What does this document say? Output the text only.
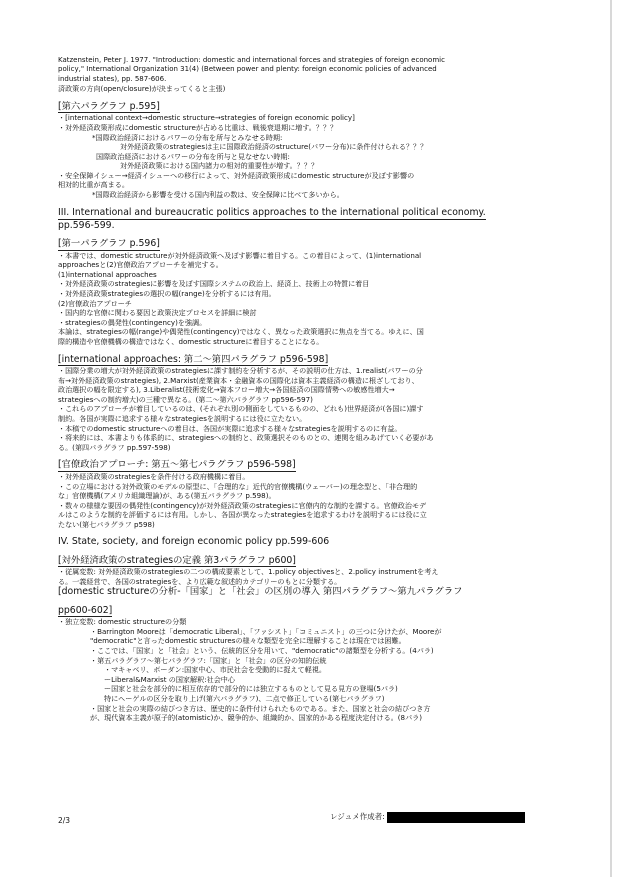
Katzenstein, Peter J. 1977. "Introduction: domestic and international forces and strategies of foreign economic
policy," International Organization 31(4) (Between power and plenty: foreign economic policies of advanced
industrial states), pp. 587-606.
済政策の方向(open/closure)が決まってくると主張)
[第六パラグラフ p.595]
・[international context→domestic structure→strategies of foreign economic policy]
・対外経済政策形成にdomestic structureが占める比重は、戦後衰退期に増す。？？？
*国際政治経済におけるパワーの分布を所与とみなせる時期:
対外経済政策のstrategiesは主に国際政治経済のstructure(パワー分布)に条件付けられる？？？
国際政治経済におけるパワーの分布を所与と見なせない時期:
対外経済政策における国内諸力の相対的重要性が増す。？？？
・安全保障イシュー→経済イシューへの移行によって、対外経済政策形成にdomestic structureが及ぼす影響の
相対的比重が高まる。
*国際政治経済から影響を受ける国内利益の数は、安全保障に比べて多いから。
III. International and bureaucratic politics approaches to the international political economy.
pp.596-599.
[第一パラグラフ p.596]
・本書では、domestic structureが対外経済政策へ及ぼす影響に着目する。この着目によって、(1)international
approachesと(2)官僚政治アプローチを補完する。
(1)international approaches
・対外経済政策のstrategiesに影響を及ぼす国際システムの政治上、経済上、技術上の特質に着目
・対外経済政策strategiesの選択の幅(range)を分析するには有用。
(2)官僚政治アプローチ
・国内的な官僚に関わる要因と政策決定プロセスを詳細に検討
・strategiesの偶発性(contingency)を強調。
本論は、strategiesの幅(range)や偶発性(contingency)ではなく、異なった政策選択に焦点を当てる。ゆえに、国
際的構造や官僚機構の構造ではなく、domestic structureに着目することになる。
[international approaches: 第二～第四パラグラフ p596-598]
・国際分業の増大が対外経済政策のstrategiesに課す制約を分析するが、その説明の仕方は、1.realist(パワーの分
布→対外経済政策のstrategies), 2.Marxist(産業資本・金融資本の国際化は資本主義経済の構造に根ざしており、
政治選択の幅を限定する), 3.Liberalist(技術変化→資本フロー増大→各国経済の国際情勢への敏感性増大→
strategiesへの制約増大)の三種で異なる。(第二～第六パラグラフ pp596-597)
・これらのアプローチが着目しているのは、(それぞれ別の側面をしているものの、どれも)世界経済が(各国に)課す
制約。各国が実際に追求する様々なstrategiesを説明するには役に立たない。
・本稿でのdomestic structureへの着目は、各国が実際に追求する様々なstrategiesを説明するのに有益。
・将来的には、本書よりも体系的に、strategiesへの制約と、政策選択そのものとの、連関を組みあげていく必要があ
る。(第四パラグラフ pp.597-598)
[官僚政治アプローチ: 第五～第七パラグラフ p596-598]
・対外経済政策のstrategiesを条件付ける政府機構に着目。
・この立場における対外政策のモデルの原型に、「合理的な」近代的官僚機構(ウェーバー)の理念型と、「非合理的
な」官僚機構(アメリカ組織理論)が、ある(第五パラグラフ p.598)。
・数々の様様な要因の偶発性(contingency)が対外経済政策のstrategiesに官僚内的な制約を課する。官僚政治モデ
ルはこのような制約を評価するには有用。しかし、各国が異なったstrategiesを追求するわけを説明するには役に立
たない(第七パラグラフ p598)
IV. State, society, and foreign economic policy pp.599-606
[対外経済政策のstrategiesの定義 第3パラグラフ p600]
・従属変数: 対外経済政策のstrategiesの二つの構成要素として、1.policy objectivesと、2.policy instrumentを考え
る。一義経営で、各国のstrategiesを、より広範な叙述的カテゴリーのもとに分類する。
[domestic structureの分析-「国家」と「社会」の区別の導入 第四パラグラフ～第九パラグラフ
pp600-602]
・独立変数: domestic structureの分類
・Barrington Mooreは「democratic Liberal」、「ファシスト」「コミュニスト」の三つに分けたが、Mooreが
"democratic"と言ったdomestic structuresの様々な類型を完全に理解することは現在では困難。
・ここでは、「国家」と「社会」という、伝統的区分を用いて、"democratic"の諸類型を分析する。(4パラ)
・第五パラグラフ～第七パラグラフ:「国家」と「社会」の区分の知的伝統
・マキャベリ、ボーダン:国家中心、市民社会を受動的に捉えて軽視。
ーLiberal&Marxist の国家解釈:社会中心
ー国家と社会を部分的に相互依存的で部分的には独立するものとして見る見方の登場(5パラ)
特にヘーゲルの区分を取り上げ(第六パラグラフ)、二点で修正している(第七パラグラフ)
・国家と社会の実際の結びつき方は、歴史的に条件付けられたものである。また、国家と社会の結びつき方
が、現代資本主義が原子的(atomistic)か、競争的か、組織的か、国家的かある程度決定付ける。(8パラ)
2/3	レジュメ作成者:
